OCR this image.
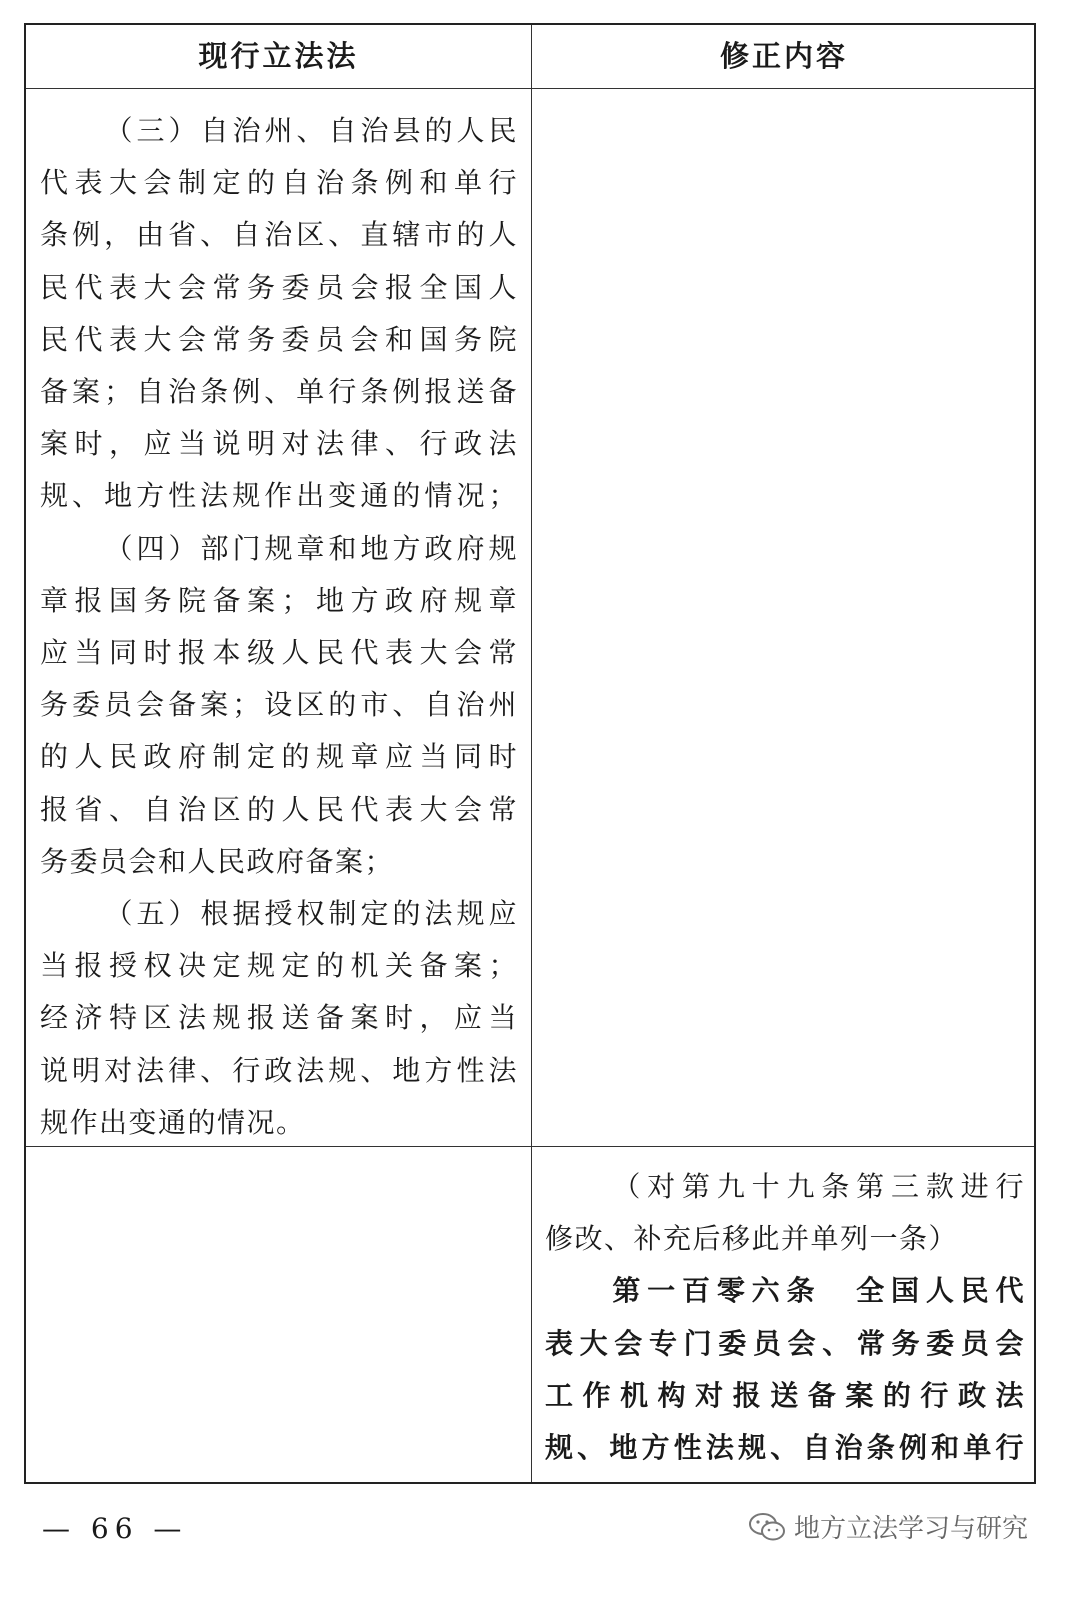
现行立法法	修正内容

（三）自治州、自治县的人民

代表大会制定的自治条例和单行

条例，由省、自治区、直辖市的人

民代表大会常务委员会报全国人

民代表大会常务委员会和国务院

备案；自治条例、单行条例报送备

案时，应当说明对法律、行政法

规、地方性法规作出变通的情况；

（四）部门规章和地方政府规

章报国务院备案；地方政府规章

应当同时报本级人民代表大会常

务委员会备案；设区的市、自治州

的人民政府制定的规章应当同时

报省、自治区的人民代表大会常

务委员会和人民政府备案；

（五）根据授权制定的法规应

当报授权决定规定的机关备案；

经济特区法规报送备案时，应当

说明对法律、行政法规、地方性法

规作出变通的情况。

（对第九十九条第三款进行

修改、补充后移此并单列一条）

第一百零六条　全国人民代

表大会专门委员会、常务委员会

工作机构对报送备案的行政法

规、地方性法规、自治条例和单行

— 66 —	地方立法学习与研究
